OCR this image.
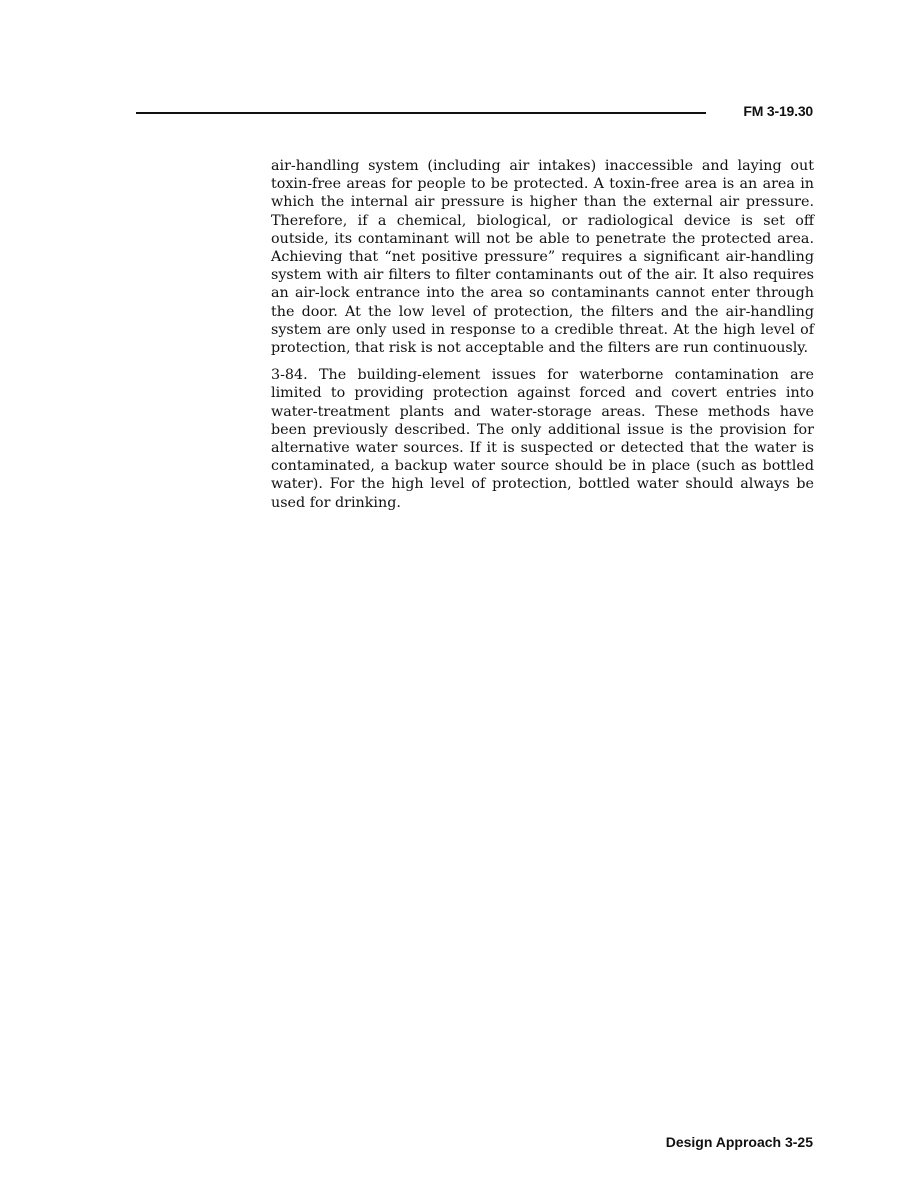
FM 3-19.30

air-handling system (including air intakes) inaccessible and laying out toxin-free areas for people to be protected. A toxin-free area is an area in which the internal air pressure is higher than the external air pressure. Therefore, if a chemical, biological, or radiological device is set off outside, its contaminant will not be able to penetrate the protected area. Achieving that “net positive pressure” requires a significant air-handling system with air filters to filter contaminants out of the air. It also requires an air-lock entrance into the area so contaminants cannot enter through the door. At the low level of protection, the filters and the air-handling system are only used in response to a credible threat. At the high level of protection, that risk is not acceptable and the filters are run continuously.

3-84. The building-element issues for waterborne contamination are limited to providing protection against forced and covert entries into water-treatment plants and water-storage areas. These methods have been previously described. The only additional issue is the provision for alternative water sources. If it is suspected or detected that the water is contaminated, a backup water source should be in place (such as bottled water). For the high level of protection, bottled water should always be used for drinking.

Design Approach 3-25
